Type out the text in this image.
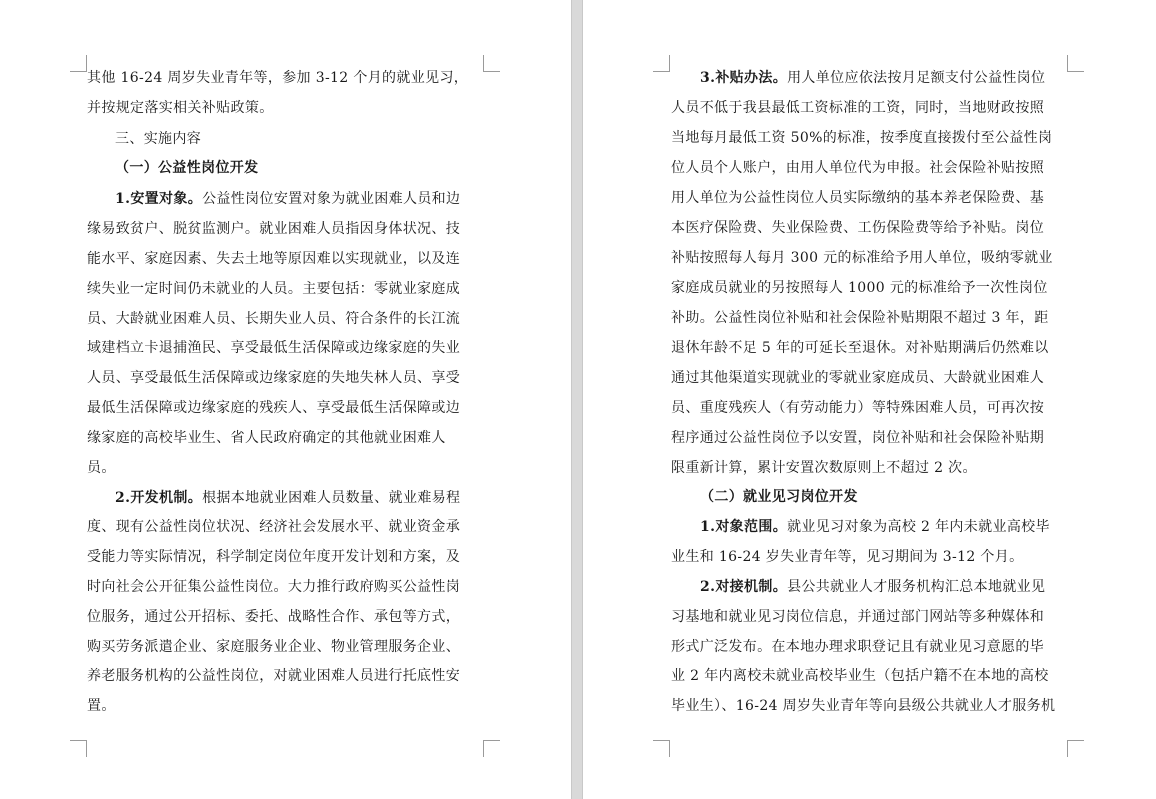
其他 16-24 周岁失业青年等，参加 3-12 个月的就业见习，
并按规定落实相关补贴政策。
三、实施内容
（一）公益性岗位开发
1.安置对象。公益性岗位安置对象为就业困难人员和边
缘易致贫户、脱贫监测户。就业困难人员指因身体状况、技
能水平、家庭因素、失去土地等原因难以实现就业，以及连
续失业一定时间仍未就业的人员。主要包括：零就业家庭成
员、大龄就业困难人员、长期失业人员、符合条件的长江流
域建档立卡退捕渔民、享受最低生活保障或边缘家庭的失业
人员、享受最低生活保障或边缘家庭的失地失林人员、享受
最低生活保障或边缘家庭的残疾人、享受最低生活保障或边
缘家庭的高校毕业生、省人民政府确定的其他就业困难人
员。
2.开发机制。根据本地就业困难人员数量、就业难易程
度、现有公益性岗位状况、经济社会发展水平、就业资金承
受能力等实际情况，科学制定岗位年度开发计划和方案，及
时向社会公开征集公益性岗位。大力推行政府购买公益性岗
位服务，通过公开招标、委托、战略性合作、承包等方式，
购买劳务派遣企业、家庭服务业企业、物业管理服务企业、
养老服务机构的公益性岗位，对就业困难人员进行托底性安
置。
3.补贴办法。用人单位应依法按月足额支付公益性岗位
人员不低于我县最低工资标准的工资，同时，当地财政按照
当地每月最低工资 50%的标准，按季度直接拨付至公益性岗
位人员个人账户，由用人单位代为申报。社会保险补贴按照
用人单位为公益性岗位人员实际缴纳的基本养老保险费、基
本医疗保险费、失业保险费、工伤保险费等给予补贴。岗位
补贴按照每人每月 300 元的标准给予用人单位，吸纳零就业
家庭成员就业的另按照每人 1000 元的标准给予一次性岗位
补助。公益性岗位补贴和社会保险补贴期限不超过 3 年，距
退休年龄不足 5 年的可延长至退休。对补贴期满后仍然难以
通过其他渠道实现就业的零就业家庭成员、大龄就业困难人
员、重度残疾人（有劳动能力）等特殊困难人员，可再次按
程序通过公益性岗位予以安置，岗位补贴和社会保险补贴期
限重新计算，累计安置次数原则上不超过 2 次。
（二）就业见习岗位开发
1.对象范围。就业见习对象为高校 2 年内未就业高校毕
业生和 16-24 岁失业青年等，见习期间为 3-12 个月。
2.对接机制。县公共就业人才服务机构汇总本地就业见
习基地和就业见习岗位信息，并通过部门网站等多种媒体和
形式广泛发布。在本地办理求职登记且有就业见习意愿的毕
业 2 年内离校未就业高校毕业生（包括户籍不在本地的高校
毕业生）、16-24 周岁失业青年等向县级公共就业人才服务机
